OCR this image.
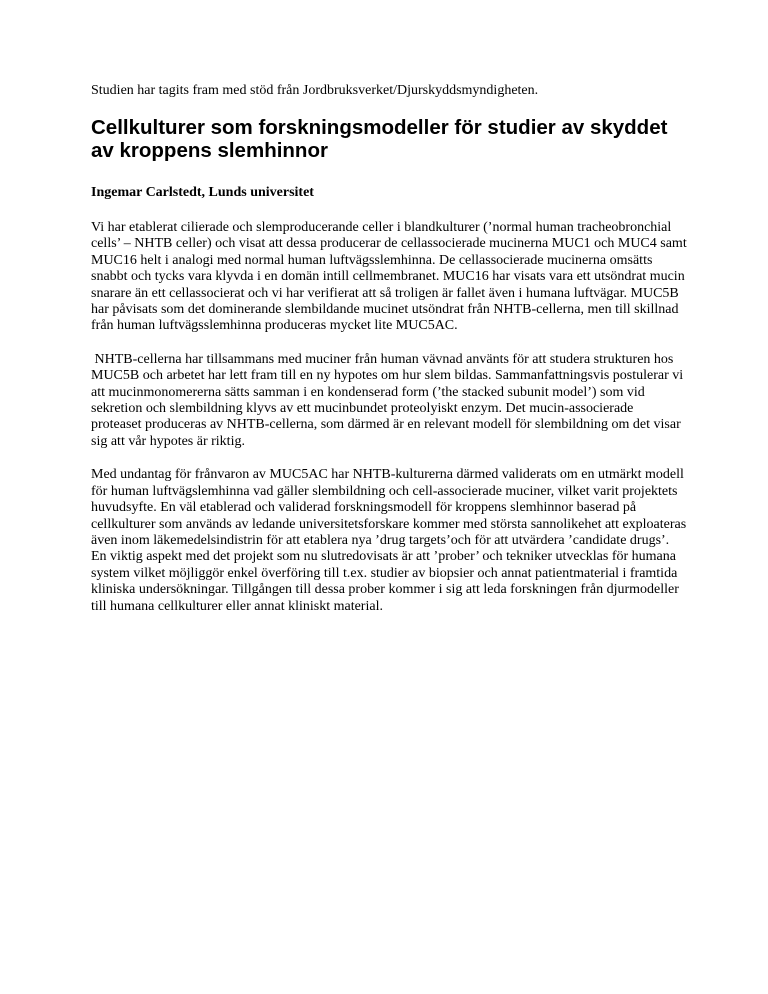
Studien har tagits fram med stöd från Jordbruksverket/Djurskyddsmyndigheten.

Cellkulturer som forskningsmodeller för studier av skyddet av kroppens slemhinnor

Ingemar Carlstedt, Lunds universitet

Vi har etablerat cilierade och slemproducerande celler i blandkulturer (’normal human tracheobronchial cells’ – NHTB celler) och visat att dessa producerar de cellassocierade mucinerna MUC1 och MUC4 samt MUC16 helt i analogi med normal human luftvägsslemhinna. De cellassocierade mucinerna omsätts snabbt och tycks vara klyvda i en domän intill cellmembranet. MUC16 har visats vara ett utsöndrat mucin snarare än ett cellassocierat och vi har verifierat att så troligen är fallet även i humana luftvägar. MUC5B har påvisats som det dominerande slembildande mucinet utsöndrat från NHTB-cellerna, men till skillnad från human luftvägsslemhinna produceras mycket lite MUC5AC.

NHTB-cellerna har tillsammans med muciner från human vävnad använts för att studera strukturen hos MUC5B och arbetet har lett fram till en ny hypotes om hur slem bildas. Sammanfattningsvis postulerar vi att mucinmonomererna sätts samman i en kondenserad form (’the stacked subunit model’) som vid sekretion och slembildning klyvs av ett mucinbundet proteolyiskt enzym. Det mucin-associerade proteaset produceras av NHTB-cellerna, som därmed är en relevant modell för slembildning om det visar sig att vår hypotes är riktig.

Med undantag för frånvaron av MUC5AC har NHTB-kulturerna därmed validerats om en utmärkt modell för human luftvägslemhinna vad gäller slembildning och cell-associerade muciner, vilket varit projektets huvudsyfte. En väl etablerad och validerad forskningsmodell för kroppens slemhinnor baserad på cellkulturer som används av ledande universitetsforskare kommer med största sannolikehet att exploateras även inom läkemedelsindistrin för att etablera nya ’drug targets’och för att utvärdera ’candidate drugs’. En viktig aspekt med det projekt som nu slutredovisats är att ’prober’ och tekniker utvecklas för humana system vilket möjliggör enkel överföring till t.ex. studier av biopsier och annat patientmaterial i framtida kliniska undersökningar. Tillgången till dessa prober kommer i sig att leda forskningen från djurmodeller till humana cellkulturer eller annat kliniskt material.
